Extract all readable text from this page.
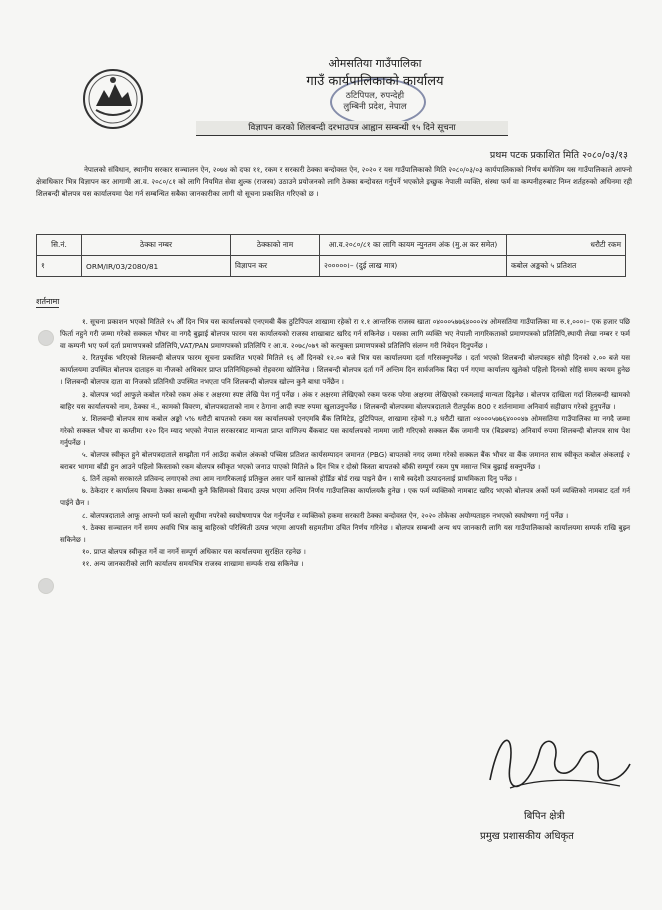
ओमसतिया गाउँपालिका
गाउँ कार्यपालिकाको कार्यालय
ठटिपिपल, रुपन्देही
लुम्बिनी प्रदेश, नेपाल
विज्ञापन करको शिलबन्दी दरभाउपत्र आह्वान सम्बन्धी १५ दिने सूचना
प्रथम पटक प्रकाशित मिति २०८०/०३/१३
नेपालको संविधान, स्थानीय सरकार सञ्चालन ऐन, २०७४ को दफा ११, रकम र सरकारी ठेक्का बन्दोवस्त ऐन, २०२० र यस गाउँपालिकाको मिति २०८०/०३/०३ कार्यपालिकाको निर्णय बमोजिम यस गाउँपालिकाले आफ्नो क्षेत्राधिकार भित्र विज्ञापन कर आगामी आ.व. २०८०/८१ को लागि नियमित सेवा शुल्क (राजस्व) उठाउने प्रयोजनको लागि ठेक्का बन्दोवस्त गर्नुपर्ने भएकोले इच्छुक नेपाली व्यक्ति, संस्था फर्म वा कम्पनीहरुबाट निम्न शर्तहरुको अधिनमा रही शिलबन्दी बोलपत्र यस कार्यालयमा पेश गर्न सम्बन्धित सबैका जानकारीका लागी यो सूचना प्रकाशित गरिएको छ ।
सि.नं.	ठेक्का नम्बर	ठेक्काको नाम	आ.व.२०८०/८१ का लागि कायम न्युनतम अंक (मु.अ कर समेत)	धरौटी रकम
१	ORM/IR/03/2080/81	विज्ञापन कर	२०००००।– (दुई लाख मात्र)	कबोल अङ्कको ५ प्रतिशत
शर्तनामा

१. सूचना प्रकाशन भएको मितिले १५ औं दिन भित्र यस कार्यालयको एनएमबी बैंक ठुटिपिपल शाखामा रहेको रा १.१ आन्तरिक राजस्व खाता ०४०००५७७६४०००२४ ओमसतिया गाउँपालिका मा रु.१,०००।– एक हजार पछि फिर्ता नहुने गरी जम्मा गरेको सक्कल भौचर वा नगदै बुझाई बोलपत्र फारम यस कार्यालयको राजस्व शाखाबाट खरिद गर्न सकिनेछ । यसका लागि व्यक्ति भए नेपाली नागरिकताको प्रमाणपत्रको प्रतिलिपि,स्थायी लेखा नम्बर र फर्म वा कम्पनी भए फर्म दर्ता प्रमाणपत्रको प्रतिलिपि,VAT/PAN प्रमाणपत्रको प्रतिलिपि र आ.व. २०७८/०७९ को करचुक्ता प्रमाणपत्रको प्रतिलिपि संलग्न गरी निवेदन दिनुपर्नेछ ।

२. रितपूर्वक भरिएको शिलबन्दी बोलपत्र फारम सूचना प्रकाशित भएको मितिले १६ औं दिनको १२.०० बजे भित्र यस कार्यालयमा दर्ता गरिसक्नुपर्नेछ । दर्ता भएको शिलबन्दी बोलपत्रहरु सोही दिनको २.०० बजे यस कार्यालयमा उपस्थित बोलपत्र दाताहरु वा नीजको अधिकार प्राप्त प्रतिनिधिहरुको रोहवरमा खोलिनेछ । शिलबन्दी बोलपत्र दर्ता गर्ने अन्तिम दिन सार्वजनिक बिदा पर्न गएमा कार्यालय खुलेको पहिलो दिनको सोहि समय कायम हुनेछ । शिलबन्दी बोलपत्र दाता वा निजको प्रतिनिधी उपस्थित नभएता पनि शिलबन्दी बोलपत्र खोल्न कुनै बाधा पर्नेछैन ।

३. बोलपत्र भर्दा आफुले कबोल गरेको रकम अंक र अक्षरमा स्पष्ट लेखि पेश गर्नु पर्नेछ । अंक र अक्षरमा लेखिएको रकम फरक परेमा अक्षरमा लेखिएको रकमलाई मान्यता दिइनेछ । बोलपत्र दाखिला गर्दा शिलबन्दी खामको बाहिर यस कार्यालयको नाम, ठेक्का नं., कामको विवरण, बोलपत्रदाताको नाम र ठेगाना आदी स्पष्ट रुपमा खुलाउनुपर्नेछ । शिलबन्दी बोलपत्रमा बोलपत्रदाताले रीतपूर्वक 800 र शर्तनामामा अनिवार्य सहीछाप गरेको हुनुपर्नेछ ।

४. शिलबन्दी बोलपत्र साथ कबोल अङ्को ५% धरौटी बापतको रकम यस कार्यालयको एनएमबि बैंक लिमिटेड, ठुटिपिपल, शाखामा रहेको ग.३ धरौटी खाता ०४०००५७७६४०००४७ ओमसतिया गाउँपालिका मा नगदै जम्मा गरेको सक्कल भौचर वा कम्तीमा १२० दिन म्याद भएको नेपाल सरकारबाट मान्यता प्राप्त वाणिज्य बैंकबाट यस कार्यालयको नाममा जारी गरिएको सक्कल बैंक जमानी पत्र (बिडबण्ड) अनिवार्य रुपमा शिलबन्दी बोलपत्र साथ पेश गर्नुपर्नेछ ।

५. बोलपत्र स्वीकृत हुने बोलपत्रदाताले सम्झौता गर्न आउँदा कबोल अंकको पच्चिस प्रतिशत कार्यसम्पादन जमानत (PBG) बापतको नगद जम्मा गरेको सक्कल बैंक भौचर वा बैंक जमानत साथ स्वीकृत कबोल अंकलाई २ बराबर भागमा बाँडी हुन आउने पहिलो किस्ताको रकम बोलपत्र स्वीकृत भएको जनाउ पाएको मितिले ७ दिन भित्र र दोस्रो किस्ता बापतको बाँकी सम्पूर्ण रकम पुष मसान्त भित्र बुझाई सक्नुपर्नेछ ।

६. तिर्ने तहको सरकारले प्रतिवन्द लगाएको तथा आम नागरिकलाई प्रतिकुल असर पार्ने खालको होर्डिङ बोर्ड राख पाइने छैन । साथै स्वदेशी उत्पादनलाई प्राथमिकता दिनु पर्नेछ ।

७. ठेकेदार र कार्यालय बिचमा ठेक्का सम्बन्धी कुनै किसिमको विवाद उत्पन्न भएमा अन्तिम निर्णय गाउँपालिका कार्यालयकै हुनेछ । एक फर्म व्यक्तिको नामबाट खरिद भएको बोलपत्र अर्को फर्म व्यक्तिको नामबाट दर्ता गर्न पाईने छैन ।

८. बोलपत्रदाताले आफू आफ्नो फर्म कालो सूचीमा नपरेको स्वघोषणापत्र पेश गर्नुपर्नेछ र व्यक्तिको हकमा सरकारी ठेक्का बन्दोवस्त ऐन, २०२० तोकेका अयोग्यताहरु नभएको स्वघोषणा गर्नु पर्नेछ ।

९. ठेक्का सञ्चालन गर्ने समय अवधि भित्र काबु बाहिरको परिस्थिती उत्पन्न भएमा आपसी सहमतीमा उचित निर्णय गरिनेछ । बोलपत्र सम्बन्धी अन्य थप जानकारी लागि यस गाउँपालिकाको कार्यालयमा सम्पर्क राखि बुझ्न सकिनेछ ।

१०. प्राप्त बोलपत्र स्वीकृत गर्ने वा नगर्ने सम्पूर्ण अधिकार यस कार्यालयमा सुरक्षित रहनेछ ।

११. अन्य जानकारीको लागि कार्यालय समयभित्र राजस्व शाखामा सम्पर्क राख सकिनेछ ।

बिपिन क्षेत्री
प्रमुख प्रशासकीय अधिकृत
